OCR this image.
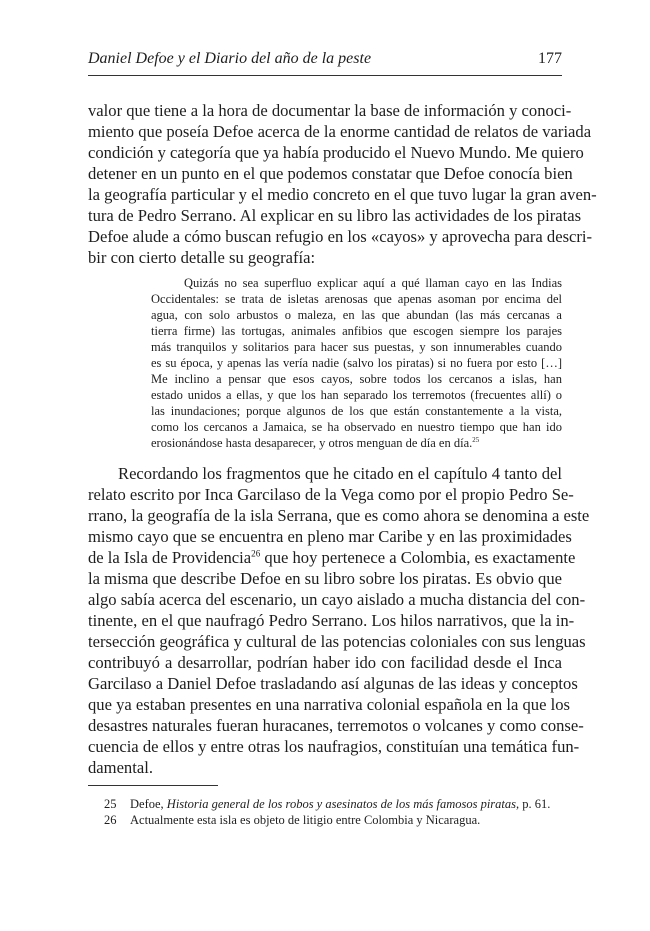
Daniel Defoe y el Diario del año de la peste	177
valor que tiene a la hora de documentar la base de información y conoci-
miento que poseía Defoe acerca de la enorme cantidad de relatos de variada
condición y categoría que ya había producido el Nuevo Mundo. Me quiero
detener en un punto en el que podemos constatar que Defoe conocía bien
la geografía particular y el medio concreto en el que tuvo lugar la gran aven-
tura de Pedro Serrano. Al explicar en su libro las actividades de los piratas
Defoe alude a cómo buscan refugio en los «cayos» y aprovecha para descri-
bir con cierto detalle su geografía:
Quizás no sea superfluo explicar aquí a qué llaman cayo en las Indias
Occidentales: se trata de isletas arenosas que apenas asoman por encima del
agua, con solo arbustos o maleza, en las que abundan (las más cercanas a
tierra firme) las tortugas, animales anfibios que escogen siempre los parajes
más tranquilos y solitarios para hacer sus puestas, y son innumerables cuando
es su época, y apenas las vería nadie (salvo los piratas) si no fuera por esto […]
Me inclino a pensar que esos cayos, sobre todos los cercanos a islas, han
estado unidos a ellas, y que los han separado los terremotos (frecuentes allí) o
las inundaciones; porque algunos de los que están constantemente a la vista,
como los cercanos a Jamaica, se ha observado en nuestro tiempo que han ido
erosionándose hasta desaparecer, y otros menguan de día en día.$^{25}$
Recordando los fragmentos que he citado en el capítulo 4 tanto del
relato escrito por Inca Garcilaso de la Vega como por el propio Pedro Se-
rrano, la geografía de la isla Serrana, que es como ahora se denomina a este
mismo cayo que se encuentra en pleno mar Caribe y en las proximidades
de la Isla de Providencia$^{26}$ que hoy pertenece a Colombia, es exactamente
la misma que describe Defoe en su libro sobre los piratas. Es obvio que
algo sabía acerca del escenario, un cayo aislado a mucha distancia del con-
tinente, en el que naufragó Pedro Serrano. Los hilos narrativos, que la in-
tersección geográfica y cultural de las potencias coloniales con sus lenguas
contribuyó a desarrollar, podrían haber ido con facilidad desde el Inca
Garcilaso a Daniel Defoe trasladando así algunas de las ideas y conceptos
que ya estaban presentes en una narrativa colonial española en la que los
desastres naturales fueran huracanes, terremotos o volcanes y como conse-
cuencia de ellos y entre otras los naufragios, constituían una temática fun-
damental.
25 Defoe, Historia general de los robos y asesinatos de los más famosos piratas, p. 61.
26 Actualmente esta isla es objeto de litigio entre Colombia y Nicaragua.
